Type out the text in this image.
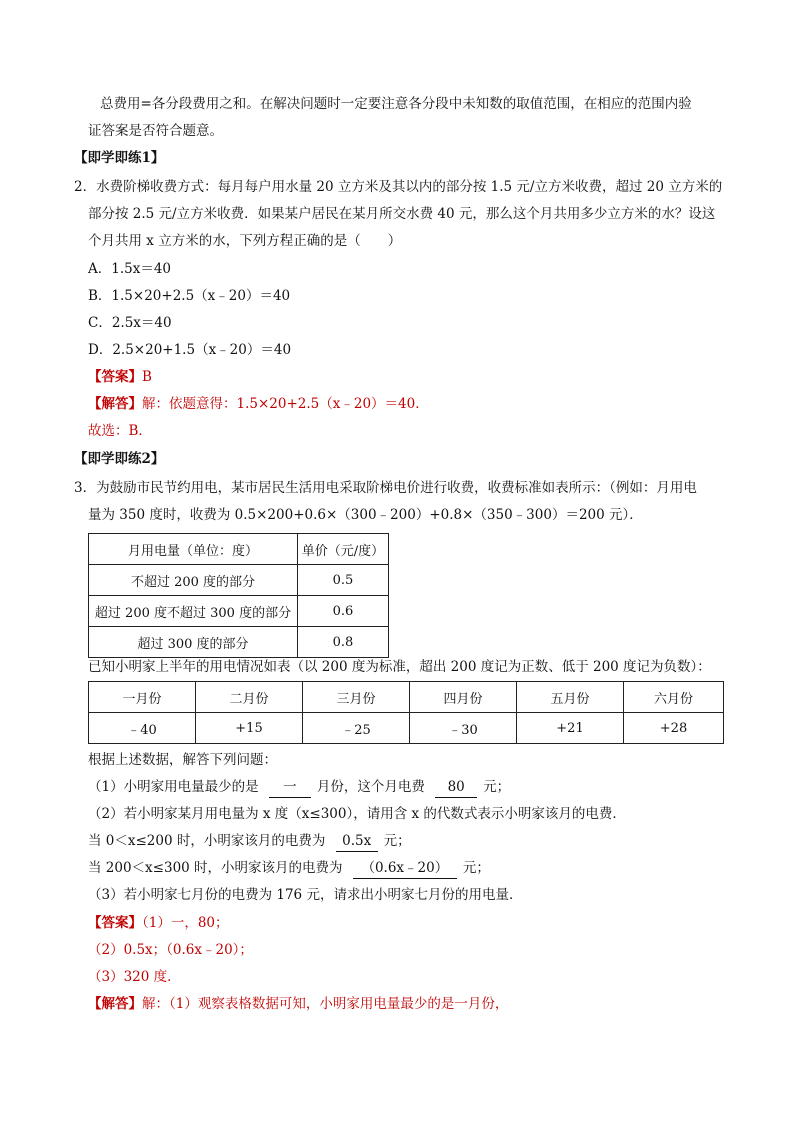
总费用=各分段费用之和。在解决问题时一定要注意各分段中未知数的取值范围，在相应的范围内验
证答案是否符合题意。
【即学即练1】
2．水费阶梯收费方式：每月每户用水量 20 立方米及其以内的部分按 1.5 元/立方米收费，超过 20 立方米的
部分按 2.5 元/立方米收费．如果某户居民在某月所交水费 40 元，那么这个月共用多少立方米的水？设这
个月共用 x 立方米的水，下列方程正确的是（　　）
A．1.5x＝40
B．1.5×20+2.5（x﹣20）＝40
C．2.5x＝40
D．2.5×20+1.5（x﹣20）＝40
【答案】B
【解答】解：依题意得：1.5×20+2.5（x﹣20）＝40．
故选：B．
【即学即练2】
3．为鼓励市民节约用电，某市居民生活用电采取阶梯电价进行收费，收费标准如表所示：（例如：月用电
量为 350 度时，收费为 0.5×200+0.6×（300﹣200）+0.8×（350﹣300）＝200 元）．
月用电量（单位：度）	单价（元/度）
不超过 200 度的部分	0.5
超过 200 度不超过 300 度的部分	0.6
超过 300 度的部分	0.8
已知小明家上半年的用电情况如表（以 200 度为标准，超出 200 度记为正数、低于 200 度记为负数）：
一月份	二月份	三月份	四月份	五月份	六月份
﹣40	+15	﹣25	﹣30	+21	+28
根据上述数据，解答下列问题：
（1）小明家用电量最少的是 一 月份，这个月电费 80 元；
（2）若小明家某月用电量为 x 度（x≤300），请用含 x 的代数式表示小明家该月的电费．
当 0＜x≤200 时，小明家该月的电费为 0.5x 元；
当 200＜x≤300 时，小明家该月的电费为 （0.6x﹣20） 元；
（3）若小明家七月份的电费为 176 元，请求出小明家七月份的用电量．
【答案】（1）一，80；
（2）0.5x；（0.6x﹣20）；
（3）320 度．
【解答】解：（1）观察表格数据可知，小明家用电量最少的是一月份，
